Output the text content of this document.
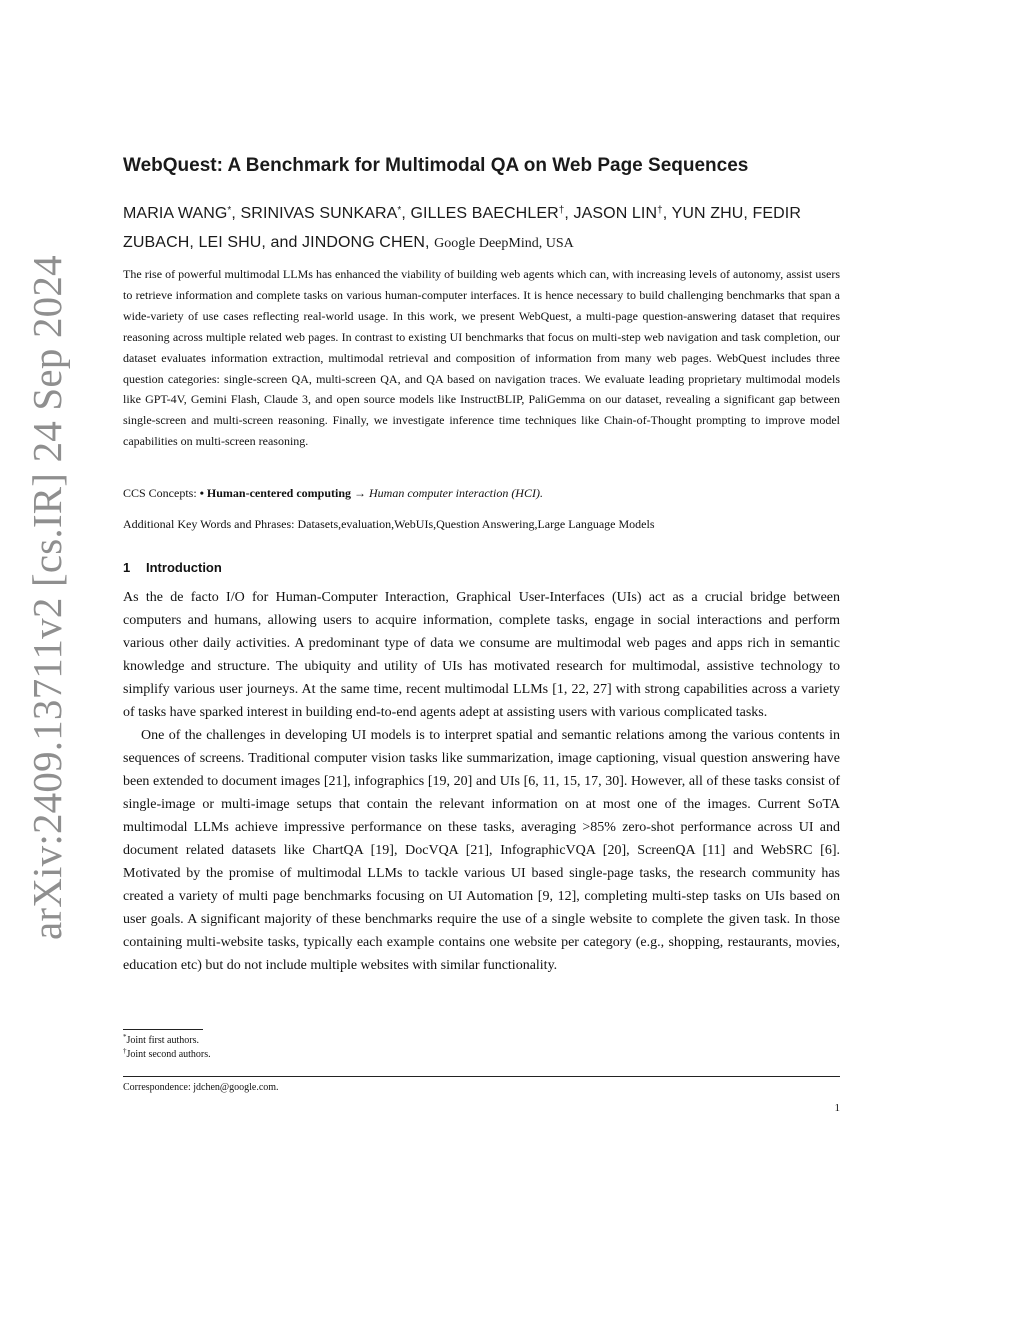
arXiv:2409.13711v2 [cs.IR] 24 Sep 2024
WebQuest: A Benchmark for Multimodal QA on Web Page Sequences
MARIA WANG*, SRINIVAS SUNKARA*, GILLES BAECHLER†, JASON LIN†, YUN ZHU, FEDIR ZUBACH, LEI SHU, and JINDONG CHEN, Google DeepMind, USA

The rise of powerful multimodal LLMs has enhanced the viability of building web agents which can, with increasing levels of autonomy, assist users to retrieve information and complete tasks on various human-computer interfaces. It is hence necessary to build challenging benchmarks that span a wide-variety of use cases reflecting real-world usage. In this work, we present WebQuest, a multi-page question-answering dataset that requires reasoning across multiple related web pages. In contrast to existing UI benchmarks that focus on multi-step web navigation and task completion, our dataset evaluates information extraction, multimodal retrieval and composition of information from many web pages. WebQuest includes three question categories: single-screen QA, multi-screen QA, and QA based on navigation traces. We evaluate leading proprietary multimodal models like GPT-4V, Gemini Flash, Claude 3, and open source models like InstructBLIP, PaliGemma on our dataset, revealing a significant gap between single-screen and multi-screen reasoning. Finally, we investigate inference time techniques like Chain-of-Thought prompting to improve model capabilities on multi-screen reasoning.

CCS Concepts: • Human-centered computing → Human computer interaction (HCI).
Additional Key Words and Phrases: Datasets,evaluation,WebUIs,Question Answering,Large Language Models
1 Introduction

As the de facto I/O for Human-Computer Interaction, Graphical User-Interfaces (UIs) act as a crucial bridge between computers and humans, allowing users to acquire information, complete tasks, engage in social interactions and perform various other daily activities. A predominant type of data we consume are multimodal web pages and apps rich in semantic knowledge and structure. The ubiquity and utility of UIs has motivated research for multimodal, assistive technology to simplify various user journeys. At the same time, recent multimodal LLMs [1, 22, 27] with strong capabilities across a variety of tasks have sparked interest in building end-to-end agents adept at assisting users with various complicated tasks.

One of the challenges in developing UI models is to interpret spatial and semantic relations among the various contents in sequences of screens. Traditional computer vision tasks like summarization, image captioning, visual question answering have been extended to document images [21], infographics [19, 20] and UIs [6, 11, 15, 17, 30]. However, all of these tasks consist of single-image or multi-image setups that contain the relevant information on at most one of the images. Current SoTA multimodal LLMs achieve impressive performance on these tasks, averaging >85% zero-shot performance across UI and document related datasets like ChartQA [19], DocVQA [21], InfographicVQA [20], ScreenQA [11] and WebSRC [6]. Motivated by the promise of multimodal LLMs to tackle various UI based single-page tasks, the research community has created a variety of multi page benchmarks focusing on UI Automation [9, 12], completing multi-step tasks on UIs based on user goals. A significant majority of these benchmarks require the use of a single website to complete the given task. In those containing multi-website tasks, typically each example contains one website per category (e.g., shopping, restaurants, movies, education etc) but do not include multiple websites with similar functionality.

*Joint first authors.
†Joint second authors.
Correspondence: jdchen@google.com.
1
